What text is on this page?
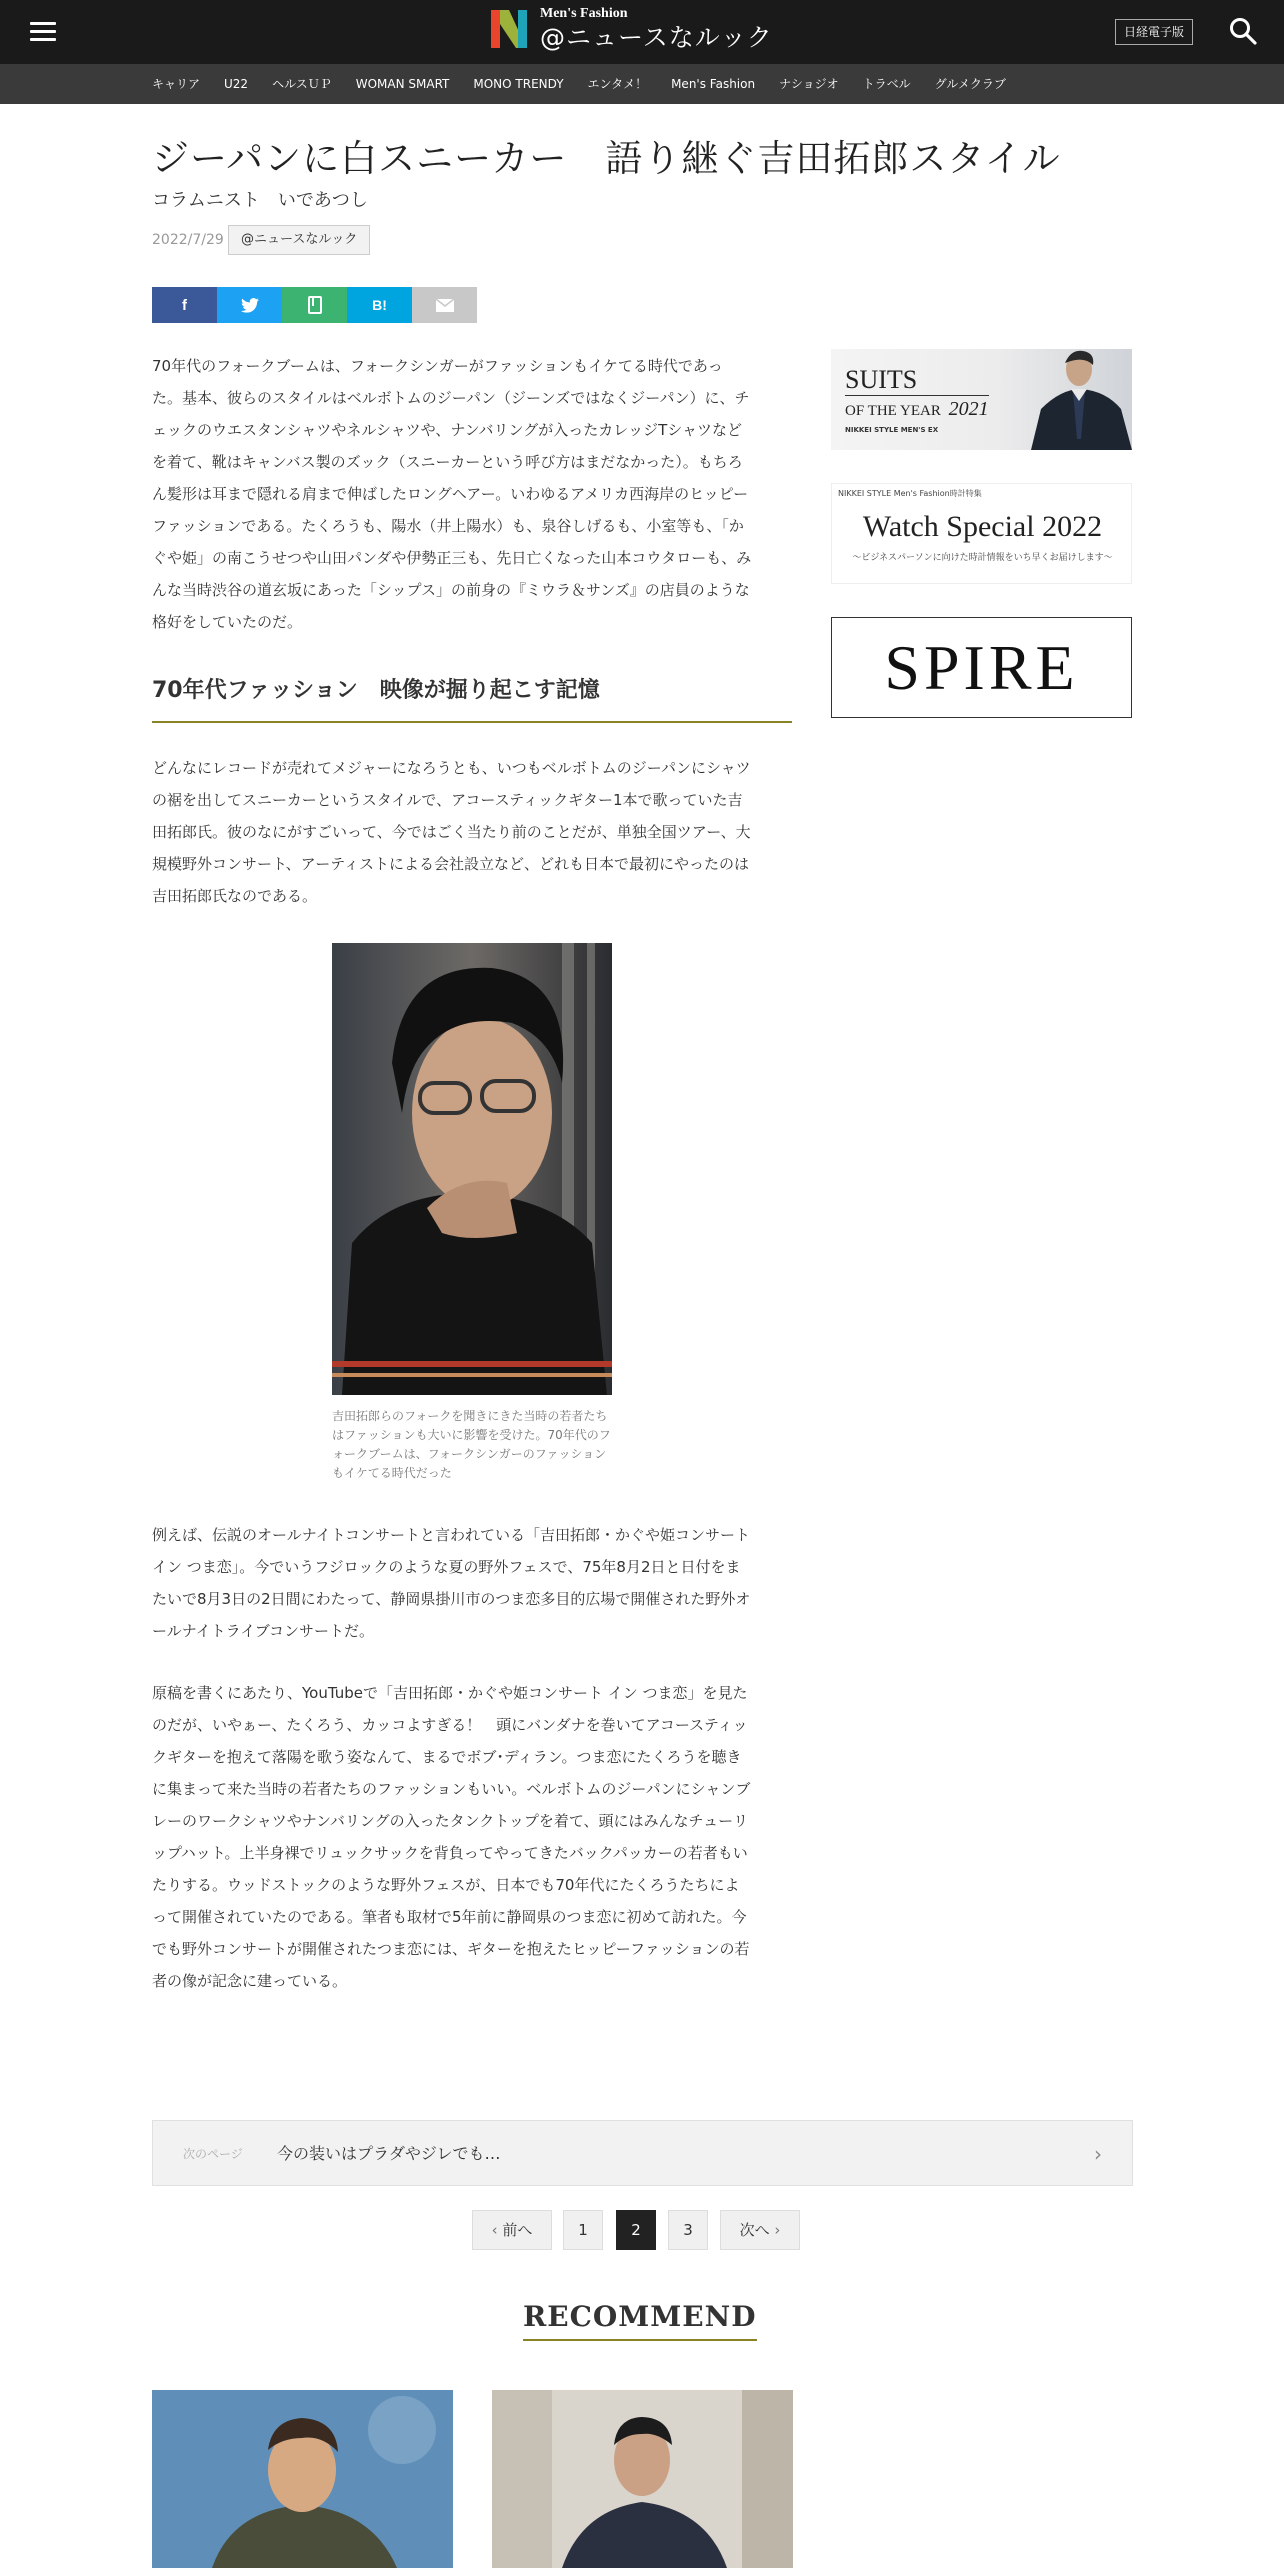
Men's Fashion
@ニュースなルック	日経電子版
キャリア U22 ヘルスＵＰ WOMAN SMART MONO TRENDY エンタメ！ Men's Fashion ナショジオ トラベル グルメクラブ
ジーパンに白スニーカー　語り継ぐ吉田拓郎スタイル
コラムニスト　いであつし
2022/7/29	@ニュースなルック
f	B!
70年代のフォークブームは、フォークシンガーがファッションもイケてる時代であっ
た。基本、彼らのスタイルはベルボトムのジーパン（ジーンズではなくジーパン）に、チ
ェックのウエスタンシャツやネルシャツや、ナンバリングが入ったカレッジTシャツなど
を着て、靴はキャンバス製のズック（スニーカーという呼び方はまだなかった）。もちろ
ん髪形は耳まで隠れる肩まで伸ばしたロングヘアー。いわゆるアメリカ西海岸のヒッピー
ファッションである。たくろうも、陽水（井上陽水）も、泉谷しげるも、小室等も、「か
ぐや姫」の南こうせつや山田パンダや伊勢正三も、先日亡くなった山本コウタローも、み
んな当時渋谷の道玄坂にあった「シップス」の前身の『ミウラ＆サンズ』の店員のような
格好をしていたのだ。
70年代ファッション　映像が掘り起こす記憶
どんなにレコードが売れてメジャーになろうとも、いつもベルボトムのジーパンにシャツ
の裾を出してスニーカーというスタイルで、アコースティックギター1本で歌っていた吉
田拓郎氏。彼のなにがすごいって、今ではごく当たり前のことだが、単独全国ツアー、大
規模野外コンサート、アーティストによる会社設立など、どれも日本で最初にやったのは
吉田拓郎氏なのである。
吉田拓郎らのフォークを聞きにきた当時の若者たち
はファッションも大いに影響を受けた。70年代のフ
ォークブームは、フォークシンガーのファッション
もイケてる時代だった
例えば、伝説のオールナイトコンサートと言われている「吉田拓郎・かぐや姫コンサート
イン つま恋」。今でいうフジロックのような夏の野外フェスで、75年8月2日と日付をま
たいで8月3日の2日間にわたって、静岡県掛川市のつま恋多目的広場で開催された野外オ
ールナイトライブコンサートだ。
原稿を書くにあたり、YouTubeで「吉田拓郎・かぐや姫コンサート イン つま恋」を見た
のだが、いやぁー、たくろう、カッコよすぎる！　頭にバンダナを巻いてアコースティッ
クギターを抱えて落陽を歌う姿なんて、まるでボブ･ディラン。つま恋にたくろうを聴き
に集まって来た当時の若者たちのファッションもいい。ベルボトムのジーパンにシャンブ
レーのワークシャツやナンバリングの入ったタンクトップを着て、頭にはみんなチューリ
ップハット。上半身裸でリュックサックを背負ってやってきたバックパッカーの若者もい
たりする。ウッドストックのような野外フェスが、日本でも70年代にたくろうたちによ
って開催されていたのである。筆者も取材で5年前に静岡県のつま恋に初めて訪れた。今
でも野外コンサートが開催されたつま恋には、ギターを抱えたヒッピーファッションの若
者の像が記念に建っている。
SUITS
OF THE YEAR 2021
NIKKEI STYLE MEN'S EX
NIKKEI STYLE Men's Fashion時計特集
Watch Special 2022
～ビジネスパーソンに向けた時計情報をいち早くお届けします～
SPIRE
次のページ 今の装いはプラダやジレでも…	›
‹ 前へ	1	2	3	次へ ›
RECOMMEND
